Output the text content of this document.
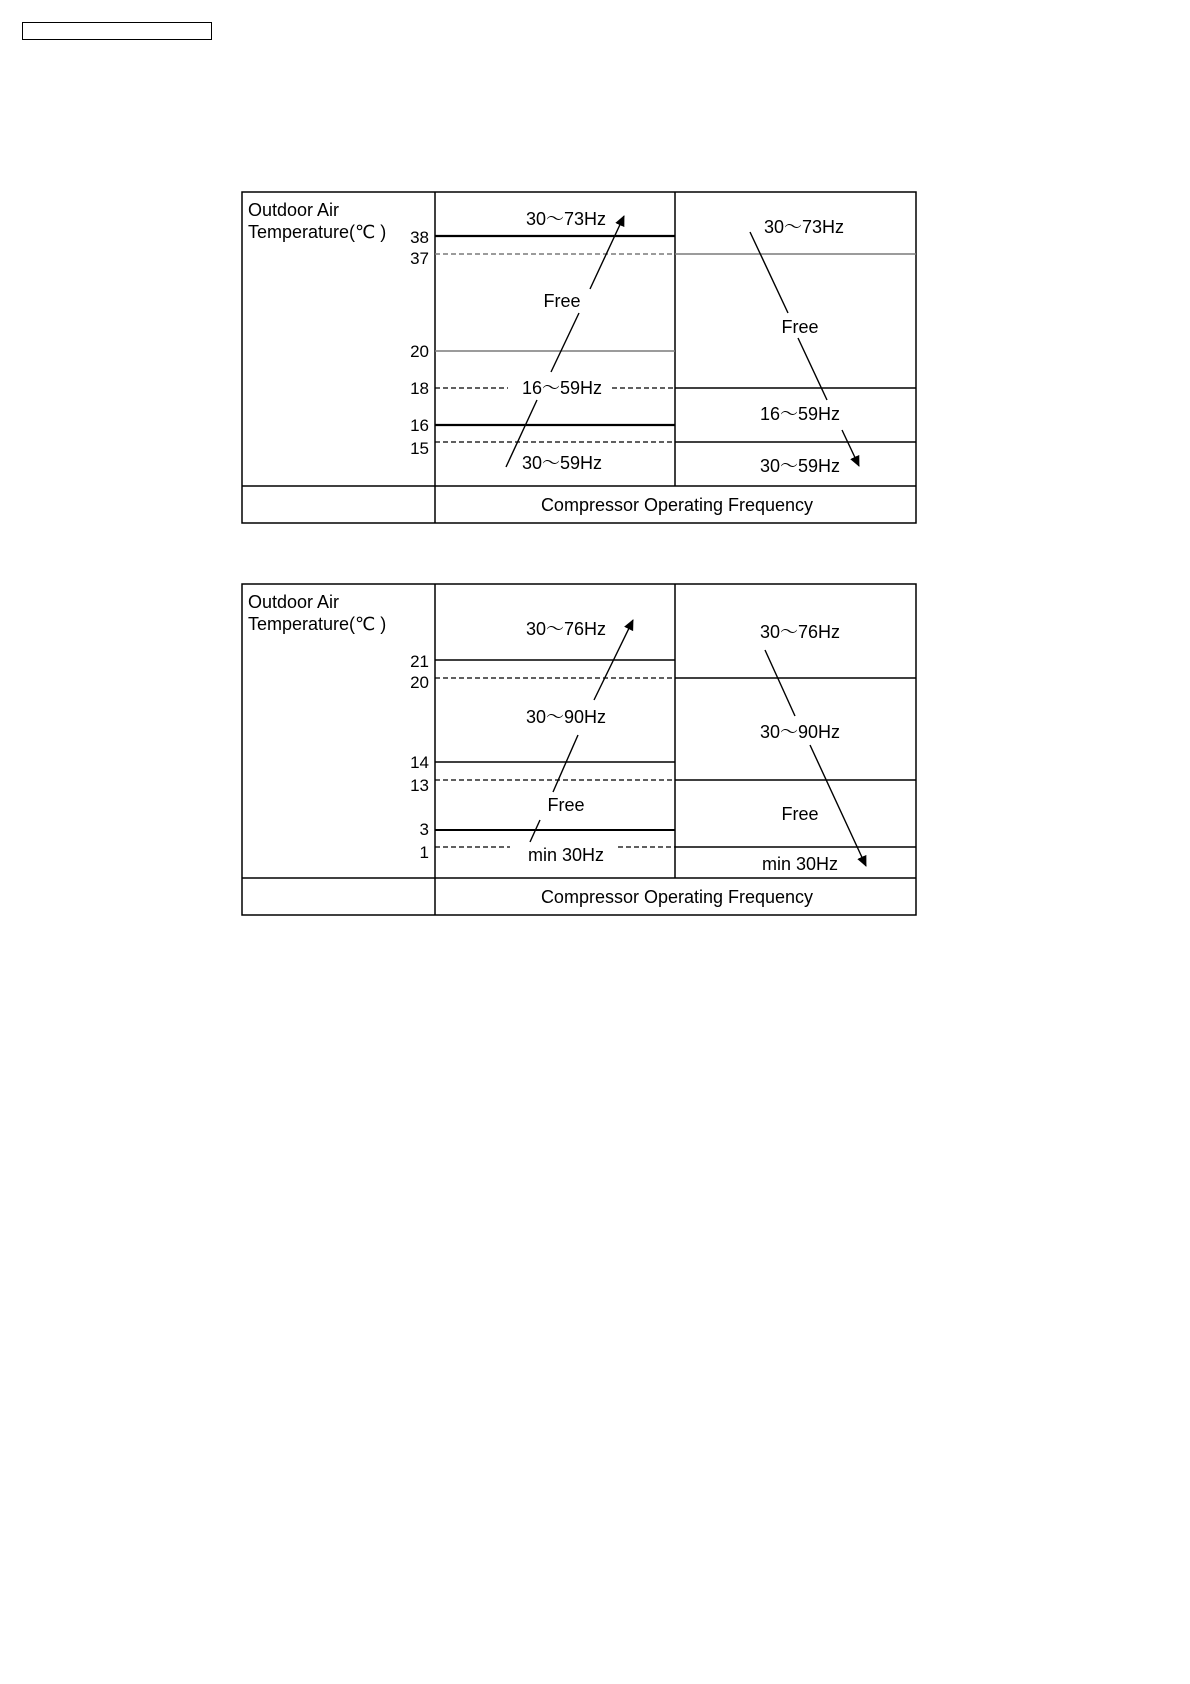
Outdoor Air
Temperature(℃ ) 38
37
20
18
16
15
30～73Hz
Free
16～59Hz
30～59Hz
30～73Hz
Free
16～59Hz
30～59Hz
Compressor Operating Frequency
Outdoor Air
Temperature(℃ )
21
20
14
13
3
1
30～76Hz
30～90Hz
Free
min 30Hz
30～76Hz
30～90Hz
Free
min 30Hz
Compressor Operating Frequency
